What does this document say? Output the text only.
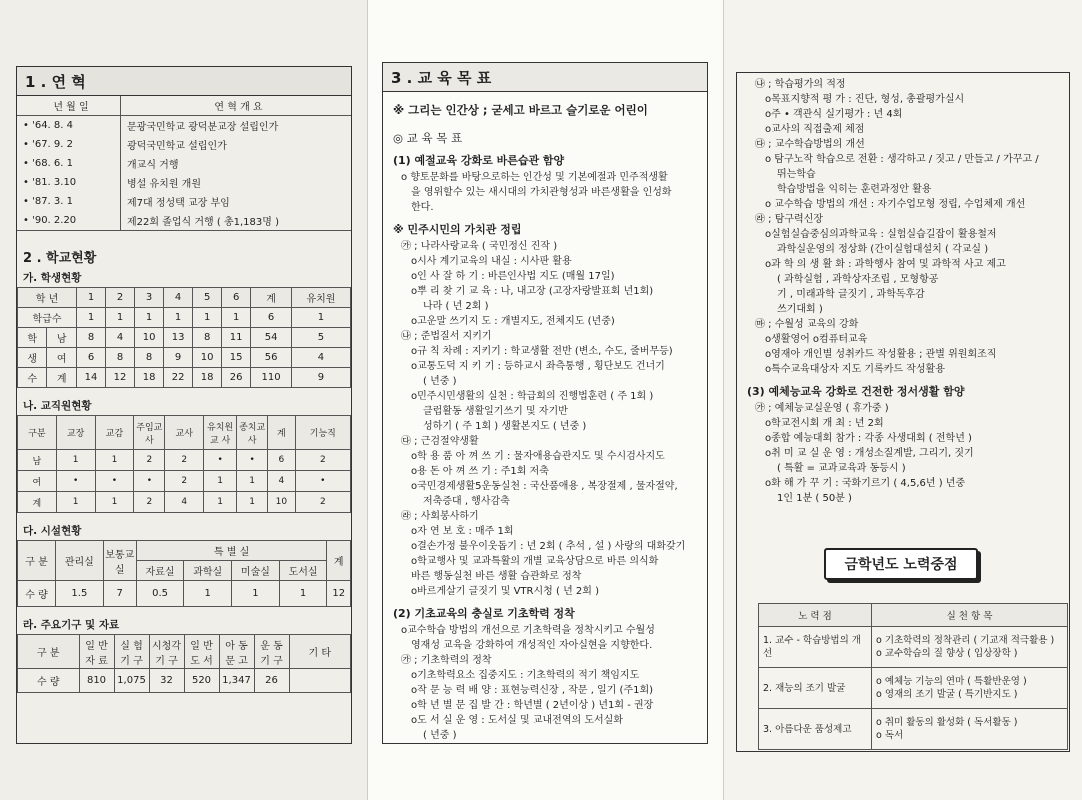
1 . 연 혁
년 월 일	연 혁 개 요
• '64. 8. 4	문광국민학교 광덕분교장 설립인가
• '67. 9. 2	광덕국민학교 설립인가
• '68. 6. 1	개교식 거행
• '81. 3.10	병설 유치원 개원
• '87. 3. 1	제7대 정성택 교장 부임
• '90. 2.20	제22회 졸업식 거행 ( 총1,183명 )
2 . 학교현황
가. 학생현황
학 년		1	2	3	4	5	6	계	유치원
학급수		1	1	1	1	1	1	6	1
학	남	8	4	10	13	8	11	54	5
생	여	6	8	8	9	10	15	56	4
수	계	14	12	18	22	18	26	110	9
나. 교직원현황
구분	교장	교감	주임교사	교사	유치원교 사	종치교사	계	기능직
남	1	1	2	2	•	•	6	2
여	•	•	•	2	1	1	4	•
계	1	1	2	4	1	1	10	2
다. 시설현황
구 분	관리실	보통교실	특 별 실				계
			자료실	과학실	미술실	도서실	
수 량	1.5	7	0.5	1	1	1	12
라. 주요기구 및 자료
구 분	일 반자 료	실 험기 구	시청각기 구	일 반도 서	아 동문 고	운 동기 구	기 타
수 량	810	1,075	32	520	1,347	26	
3 . 교 육 목 표
※ 그리는 인간상 ; 굳세고 바르고 슬기로운 어린이
◎ 교 육 목 표
(1) 예절교육 강화로 바른습관 함양
o 향토문화를 바탕으로하는 인간성 및 기본예절과 민주적생활
을 영위할수 있는 새시대의 가치관형성과 바른생활을 인성화
한다.
※ 민주시민의 가치관 정립
㉮ ; 나라사랑교육 ( 국민정신 진작 )
o시사 계기교육의 내실 : 시사판 활용
o인 사 잘 하 기 : 바른인사법 지도 (매월 17일)
o뿌 리 찾 기 교 육 : 나, 내고장 (고장자랑발표회 년1회)
나라 ( 년 2회 )
o고운말 쓰기지 도 : 개별지도, 전체지도 (년중)
㉯ ; 준법질서 지키기
o규 칙 차례 : 지키기 : 학교생활 전반 (변소, 수도, 줄버무등)
o교통도덕 지 키 기 : 등하교시 좌측통행 , 횡단보도 건너기
( 년중 )
o민주시민생활의 실천 : 학급회의 진행법훈련 ( 주 1회 )
클럽활동 생활일기쓰기 및 자기반
성하기 ( 주 1회 ) 생활본지도 ( 년중 )
㉰ ; 근검절약생활
o학 용 품 아 껴 쓰 기 : 물자애용습관지도 및 수시검사지도
o용 돈 아 껴 쓰 기 : 주1회 저축
o국민경제생활5운동실천 : 국산품애용 , 복장절제 , 물자절약,
저축증대 , 행사감축
㉱ ; 사회봉사하기
o자 연 보 호 : 매주 1회
o결손가정 불우이웃돕기 : 년 2회 ( 추석 , 설 ) 사랑의 대화갖기
o학교행사 및 교과특활의 개별 교육상담으로 바른 의식화
바른 행동실천 바른 생활 습관화로 정착
o바르게살기 글짓기 및 VTR시청 ( 년 2회 )
(2) 기초교육의 충실로 기초학력 정착
o교수학습 방법의 개선으로 기초학력을 정착시키고 수월성
영재성 교육을 강화하여 개성적인 자아실현을 지향한다.
㉮ ; 기초학력의 정착
o기초학력요소 집중지도 : 기초학력의 적기 책임지도
o작 문 능 력 배 양 : 표현능력신장 , 작문 , 일기 (주1회)
o학 년 별 문 집 발 간 : 학년별 ( 2년이상 ) 년1회 - 권장
o도 서 실 운 영 : 도서실 및 교내전역의 도서실화
( 년중 )
㉯ ; 학습평가의 적정
o목표지향적 평 가 : 진단, 형성, 총괄평가실시
o주 • 객관식 실기평가 : 년 4회
o교사의 직접출제 체점
㉰ ; 교수학습방법의 개선
o 탐구노작 학습으로 전환 : 생각하고 / 짓고 / 만들고 / 가꾸고 /
뛰는학습
학습방법을 익히는 훈련과정안 활용
o 교수학습 방법의 개선 : 자기수업모형 정립, 수업체제 개선
㉱ ; 탐구력신장
o실험실습중심의과학교육 : 실험실습길잡이 활용철저
과학실운영의 정상화 (간이실험대설치 ( 각교실 )
o과 학 의 생 활 화 : 과학행사 참여 및 과학적 사고 제고
( 과학실험 , 과학상자조립 , 모형항공
기 , 미래과학 글짓기 , 과학독후감
쓰기대회 )
㉲ ; 수월성 교육의 강화
o생활영어 o컴퓨터교육
o영재아 개인별 성취카드 작성활용 ; 관별 위원회조직
o특수교육대상자 지도 기록카드 작성활용
(3) 예체능교육 강화로 건전한 정서생활 함양
㉮ ; 예체능교실운영 ( 휴가중 )
o학교전시회 개 최 : 년 2회
o종합 예능대회 참가 : 각종 사생대회 ( 전학년 )
o취 미 교 실 운 영 : 개성소질계발, 그리기, 짓기
( 특활 = 교과교육과 동등시 )
o화 해 가 꾸 기 : 국화기르기 ( 4,5,6년 ) 년중
1인 1분 ( 50분 )
금학년도 노력중점
노 력 점	실 천 항 목
1. 교수 - 학습방법의 개선	o 기초학력의 정착관리 ( 기교재 적극활용 )
o 교수학습의 질 향상 ( 입상장학 )

2. 재능의 조기 발굴	o 예체능 기능의 연마 ( 특활반운영 )
o 영재의 조기 발굴 ( 특기반지도 )

3. 아름다운 품성제고	o 취미 활동의 활성화 ( 독서활동 )
o 독서
